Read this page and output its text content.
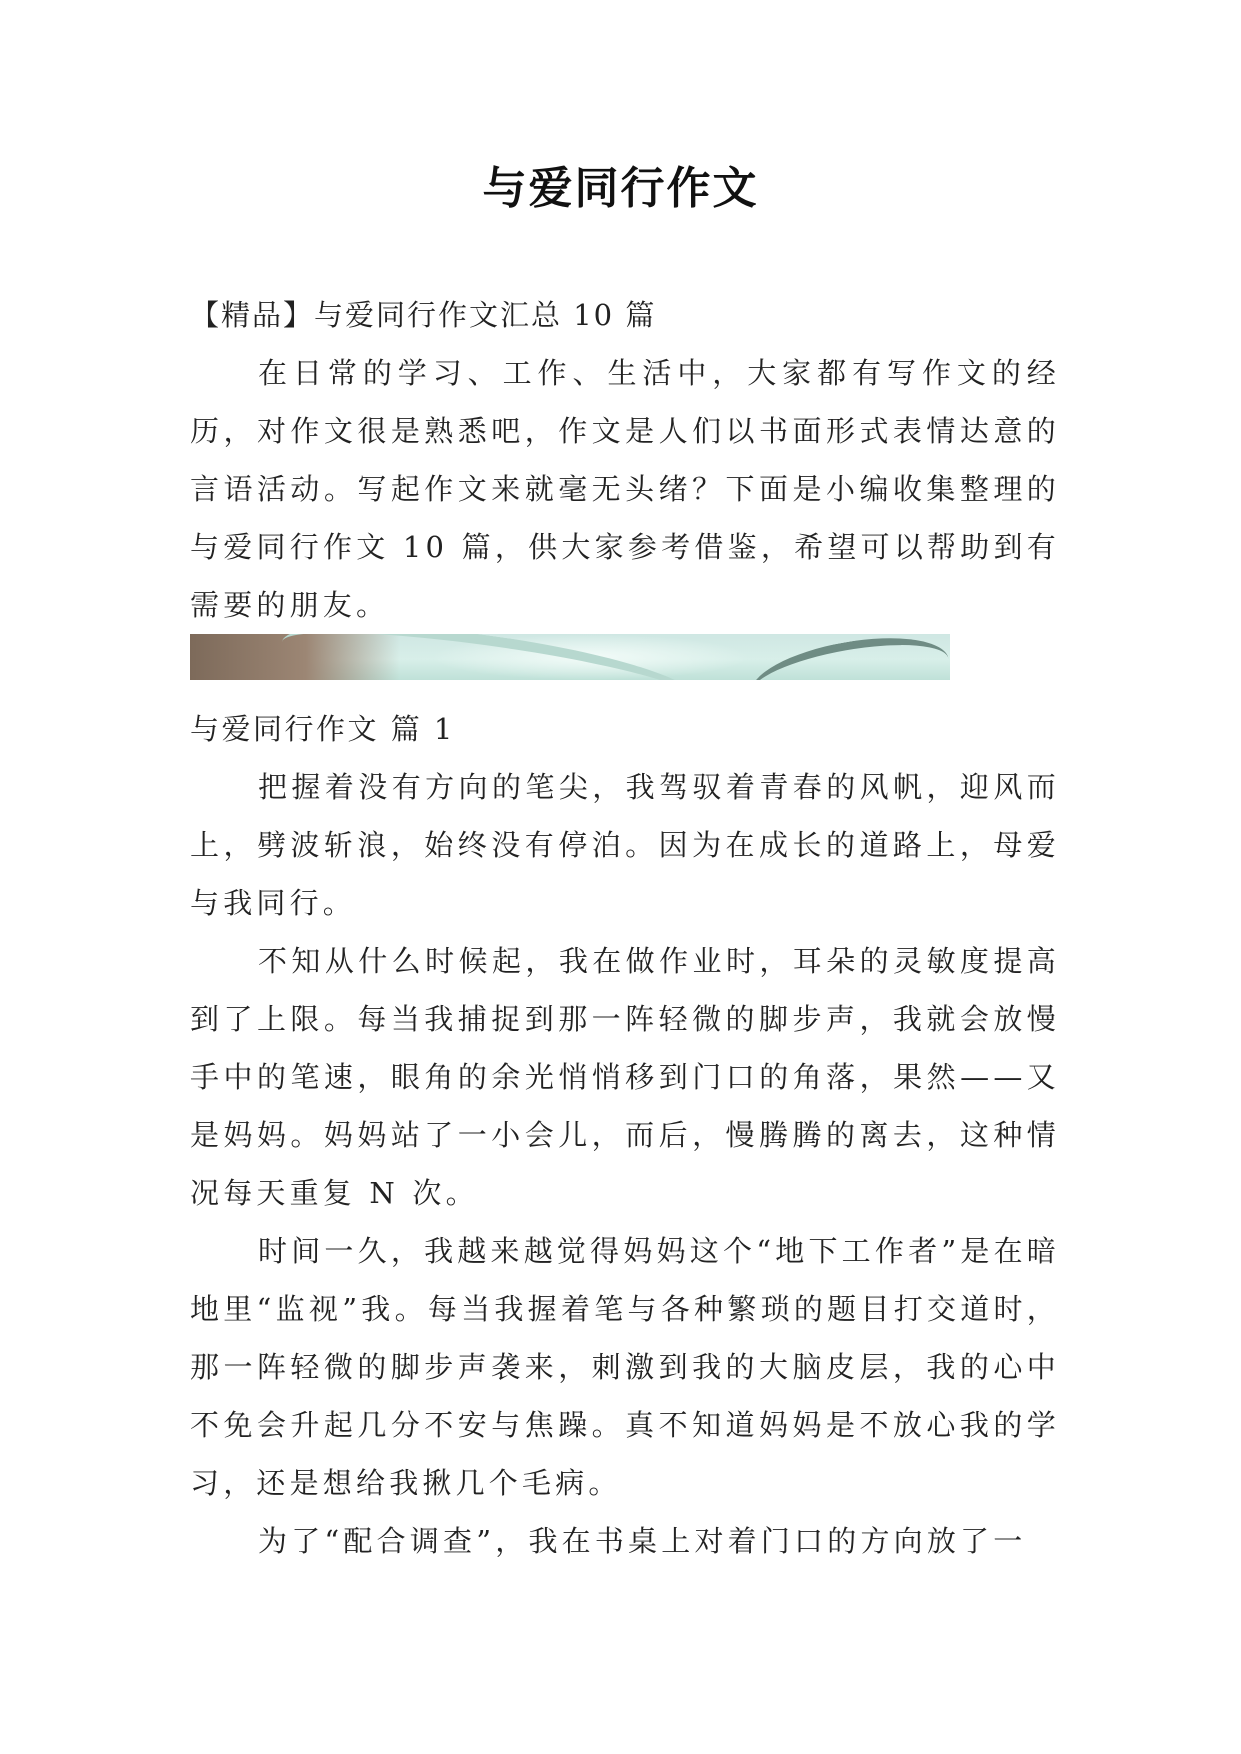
与爱同行作文

【精品】与爱同行作文汇总 10 篇

在日常的学习、工作、生活中，大家都有写作文的经历，对作文很是熟悉吧，作文是人们以书面形式表情达意的言语活动。写起作文来就毫无头绪？下面是小编收集整理的与爱同行作文 10 篇，供大家参考借鉴，希望可以帮助到有需要的朋友。

与爱同行作文 篇 1

把握着没有方向的笔尖，我驾驭着青春的风帆，迎风而上，劈波斩浪，始终没有停泊。因为在成长的道路上，母爱与我同行。

不知从什么时候起，我在做作业时，耳朵的灵敏度提高到了上限。每当我捕捉到那一阵轻微的脚步声，我就会放慢手中的笔速，眼角的余光悄悄移到门口的角落，果然——又是妈妈。妈妈站了一小会儿，而后，慢腾腾的离去，这种情况每天重复 N 次。

时间一久，我越来越觉得妈妈这个“地下工作者”是在暗地里“监视”我。每当我握着笔与各种繁琐的题目打交道时，那一阵轻微的脚步声袭来，刺激到我的大脑皮层，我的心中不免会升起几分不安与焦躁。真不知道妈妈是不放心我的学习，还是想给我揪几个毛病。

为了“配合调查”，我在书桌上对着门口的方向放了一
